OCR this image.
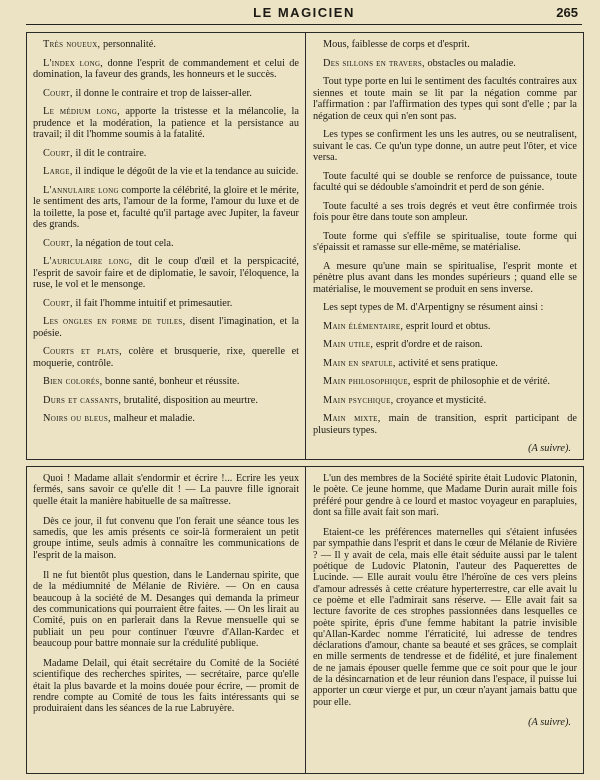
LE MAGICIEN	265

Très noueux, personnalité.

L'index long, donne l'esprit de commandement et celui de domination, la faveur des grands, les honneurs et le succès.

Court, il donne le contraire et trop de laisser-aller.

Le médium long, apporte la tristesse et la mélancolie, la prudence et la modération, la patience et la persistance au travail; il dit l'homme soumis à la fatalité.

Court, il dit le contraire.

Large, il indique le dégoût de la vie et la tendance au suicide.

L'annulaire long comporte la célébrité, la gloire et le mérite, le sentiment des arts, l'amour de la forme, l'amour du luxe et de la toilette, la pose et, faculté qu'il partage avec Jupiter, la faveur des grands.

Court, la négation de tout cela.

L'auriculaire long, dit le coup d'œil et la perspicacité, l'esprit de savoir faire et de diplomatie, le savoir, l'éloquence, la ruse, le vol et le mensonge.

Court, il fait l'homme intuitif et primesautier.

Les ongles en forme de tuiles, disent l'imagination, et la poésie.

Courts et plats, colère et brusquerie, rixe, querelle et moquerie, contrôle.

Bien colorés, bonne santé, bonheur et réussite.

Durs et cassants, brutalité, disposition au meurtre.

Noirs ou bleus, malheur et maladie.

Mous, faiblesse de corps et d'esprit.

Des sillons en travers, obstacles ou maladie.

Tout type porte en lui le sentiment des facultés contraires aux siennes et toute main se lit par la négation comme par l'affirmation : par l'affirmation des types qui sont d'elle ; par la négation de ceux qui n'en sont pas.

Les types se confirment les uns les autres, ou se neutralisent, suivant le cas. Ce qu'un type donne, un autre peut l'ôter, et vice versa.

Toute faculté qui se double se renforce de puissance, toute faculté qui se dédouble s'amoindrit et perd de son génie.

Toute faculté a ses trois degrés et veut être confirmée trois fois pour être dans toute son ampleur.

Toute forme qui s'effile se spiritualise, toute forme qui s'épaissit et ramasse sur elle-même, se matérialise.

A mesure qu'une main se spiritualise, l'esprit monte et pénètre plus avant dans les mondes supérieurs ; quand elle se matérialise, le mouvement se produit en sens inverse.

Les sept types de M. d'Arpentigny se résument ainsi :

Main élémentaire, esprit lourd et obtus.

Main utile, esprit d'ordre et de raison.

Main en spatule, activité et sens pratique.

Main philosophique, esprit de philosophie et de vérité.

Main psychique, croyance et mysticité.

Main mixte, main de transition, esprit participant de plusieurs types.

(A suivre).

Quoi ! Madame allait s'endormir et écrire !... Ecrire les yeux fermés, sans savoir ce qu'elle dit ! — La pauvre fille ignorait quelle était la manière habituelle de sa maîtresse.

Dès ce jour, il fut convenu que l'on ferait une séance tous les samedis, que les amis présents ce soir-là formeraient un petit groupe intime, seuls admis à connaître les communications de l'esprit de la maison.

Il ne fut bientôt plus question, dans le Landernau spirite, que de la médiumnité de Mélanie de Rivière. — On en causa beaucoup à la société de M. Desanges qui demanda la primeur des communications qui pourraient être faites. — On les lirait au Comité, puis on en parlerait dans la Revue mensuelle qui se publiait un peu pour continuer l'œuvre d'Allan-Kardec et beaucoup pour battre monnaie sur la crédulité publique.

Madame Delail, qui était secrétaire du Comité de la Société scientifique des recherches spirites, — secrétaire, parce qu'elle était la plus bavarde et la moins douée pour écrire, — promit de rendre compte au Comité de tous les faits intéressants qui se produiraient dans les séances de la rue Labruyère.

L'un des membres de la Société spirite était Ludovic Platonin, le poète. Ce jeune homme, que Madame Durin aurait mille fois préféré pour gendre à ce lourd et mastoc voyageur en parapluies, dont sa fille avait fait son mari.

Etaient-ce les préférences maternelles qui s'étaient infusées par sympathie dans l'esprit et dans le cœur de Mélanie de Rivière ? — Il y avait de cela, mais elle était séduite aussi par le talent poétique de Ludovic Platonin, l'auteur des Paquerettes de Lucinde. — Elle aurait voulu être l'héroïne de ces vers pleins d'amour adressés à cette créature hyperterrestre, car elle avait lu ce poème et elle l'admirait sans réserve. — Elle avait fait sa lecture favorite de ces strophes passionnées dans lesquelles ce poète spirite, épris d'une femme habitant la patrie invisible qu'Allan-Kardec nomme l'érraticité, lui adresse de tendres déclarations d'amour, chante sa beauté et ses grâces, se complait en mille serments de tendresse et de fidélité, et jure finalement de ne jamais épouser quelle femme que ce soit pour que le jour de la désincarnation et de leur réunion dans l'espace, il puisse lui apporter un cœur vierge et pur, un cœur n'ayant jamais battu que pour elle.

(A suivre).
